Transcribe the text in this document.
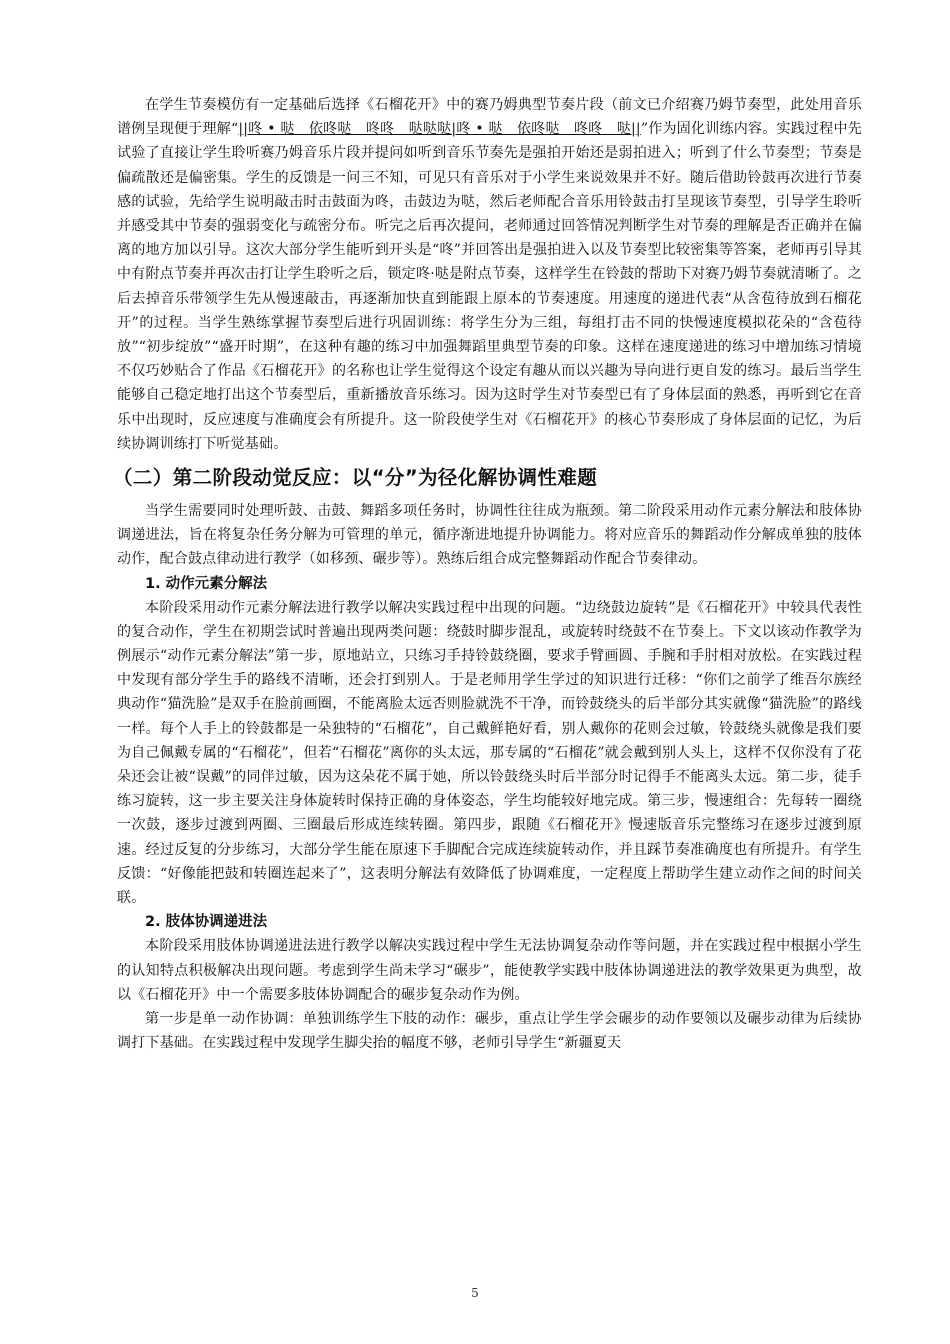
在学生节奏模仿有一定基础后选择《石榴花开》中的赛乃姆典型节奏片段（前文已介绍赛乃姆节奏型，此处用音乐谱例呈现便于理解“||咚 • 哒　依咚哒　咚咚　哒哒哒|咚 • 哒　依咚哒　咚咚　哒||”作为固化训练内容。实践过程中先试验了直接让学生聆听赛乃姆音乐片段并提问如听到音乐节奏先是强拍开始还是弱拍进入；听到了什么节奏型；节奏是偏疏散还是偏密集。学生的反馈是一问三不知，可见只有音乐对于小学生来说效果并不好。随后借助铃鼓再次进行节奏感的试验，先给学生说明敲击时击鼓面为咚，击鼓边为哒，然后老师配合音乐用铃鼓击打呈现该节奏型，引导学生聆听并感受其中节奏的强弱变化与疏密分布。听完之后再次提问，老师通过回答情况判断学生对节奏的理解是否正确并在偏离的地方加以引导。这次大部分学生能听到开头是“咚”并回答出是强拍进入以及节奏型比较密集等答案，老师再引导其中有附点节奏并再次击打让学生聆听之后，锁定咚·哒是附点节奏，这样学生在铃鼓的帮助下对赛乃姆节奏就清晰了。之后去掉音乐带领学生先从慢速敲击，再逐渐加快直到能跟上原本的节奏速度。用速度的递进代表“从含苞待放到石榴花开”的过程。当学生熟练掌握节奏型后进行巩固训练：将学生分为三组，每组打击不同的快慢速度模拟花朵的“含苞待放”“初步绽放”“盛开时期”，在这种有趣的练习中加强舞蹈里典型节奏的印象。这样在速度递进的练习中增加练习情境不仅巧妙贴合了作品《石榴花开》的名称也让学生觉得这个设定有趣从而以兴趣为导向进行更自发的练习。最后当学生能够自己稳定地打出这个节奏型后，重新播放音乐练习。因为这时学生对节奏型已有了身体层面的熟悉，再听到它在音乐中出现时，反应速度与准确度会有所提升。这一阶段使学生对《石榴花开》的核心节奏形成了身体层面的记忆，为后续协调训练打下听觉基础。

（二）第二阶段动觉反应：以“分”为径化解协调性难题

当学生需要同时处理听鼓、击鼓、舞蹈多项任务时，协调性往往成为瓶颈。第二阶段采用动作元素分解法和肢体协调递进法，旨在将复杂任务分解为可管理的单元，循序渐进地提升协调能力。将对应音乐的舞蹈动作分解成单独的肢体动作，配合鼓点律动进行教学（如移颈、碾步等）。熟练后组合成完整舞蹈动作配合节奏律动。

1. 动作元素分解法

本阶段采用动作元素分解法进行教学以解决实践过程中出现的问题。“边绕鼓边旋转”是《石榴花开》中较具代表性的复合动作，学生在初期尝试时普遍出现两类问题：绕鼓时脚步混乱，或旋转时绕鼓不在节奏上。下文以该动作教学为例展示“动作元素分解法”第一步，原地站立，只练习手持铃鼓绕圈，要求手臂画圆、手腕和手肘相对放松。在实践过程中发现有部分学生手的路线不清晰，还会打到别人。于是老师用学生学过的知识进行迁移：“你们之前学了维吾尔族经典动作“猫洗脸”是双手在脸前画圈，不能离脸太远否则脸就洗不干净，而铃鼓绕头的后半部分其实就像“猫洗脸”的路线一样。每个人手上的铃鼓都是一朵独特的“石榴花”，自己戴鲜艳好看，别人戴你的花则会过敏，铃鼓绕头就像是我们要为自己佩戴专属的“石榴花”，但若“石榴花”离你的头太远，那专属的“石榴花”就会戴到别人头上，这样不仅你没有了花朵还会让被“误戴”的同伴过敏，因为这朵花不属于她，所以铃鼓绕头时后半部分时记得手不能离头太远。第二步，徒手练习旋转，这一步主要关注身体旋转时保持正确的身体姿态，学生均能较好地完成。第三步，慢速组合：先每转一圈绕一次鼓，逐步过渡到两圈、三圈最后形成连续转圈。第四步，跟随《石榴花开》慢速版音乐完整练习在逐步过渡到原速。经过反复的分步练习，大部分学生能在原速下手脚配合完成连续旋转动作，并且踩节奏准确度也有所提升。有学生反馈：“好像能把鼓和转圈连起来了”，这表明分解法有效降低了协调难度，一定程度上帮助学生建立动作之间的时间关联。

2. 肢体协调递进法

本阶段采用肢体协调递进法进行教学以解决实践过程中学生无法协调复杂动作等问题，并在实践过程中根据小学生的认知特点积极解决出现问题。考虑到学生尚未学习“碾步”，能使教学实践中肢体协调递进法的教学效果更为典型，故以《石榴花开》中一个需要多肢体协调配合的碾步复杂动作为例。

第一步是单一动作协调：单独训练学生下肢的动作：碾步，重点让学生学会碾步的动作要领以及碾步动律为后续协调打下基础。在实践过程中发现学生脚尖抬的幅度不够，老师引导学生“新疆夏天

5
